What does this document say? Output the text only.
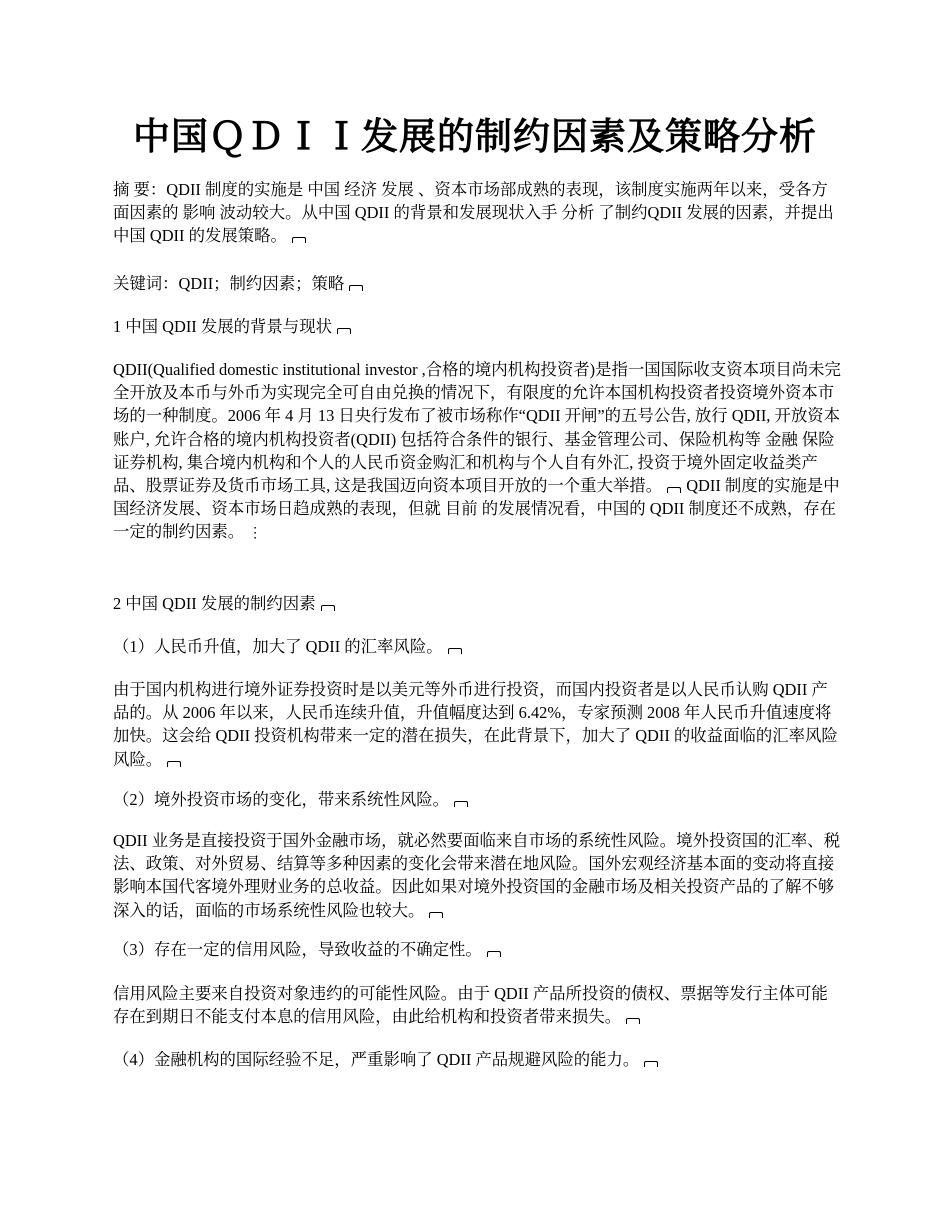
中国ＱＤＩＩ发展的制约因素及策略分析

摘 要：QDII 制度的实施是 中国 经济 发展 、资本市场部成熟的表现，该制度实施两年以来，受各方面因素的 影响 波动较大。从中国 QDII 的背景和发展现状入手 分析 了制约QDII 发展的因素，并提出中国 QDII 的发展策略。

关键词：QDII；制约因素；策略

1 中国 QDII 发展的背景与现状

QDII(Qualified domestic institutional investor ,合格的境内机构投资者)是指一国国际收支资本项目尚未完全开放及本币与外币为实现完全可自由兑换的情况下，有限度的允许本国机构投资者投资境外资本市场的一种制度。2006 年 4 月 13 日央行发布了被市场称作“QDII 开闸”的五号公告, 放行 QDII, 开放资本账户, 允许合格的境内机构投资者(QDII) 包括符合条件的银行、基金管理公司、保险机构等 金融 保险证券机构, 集合境内机构和个人的人民币资金购汇和机构与个人自有外汇, 投资于境外固定收益类产品、股票证券及货币市场工具, 这是我国迈向资本项目开放的一个重大举措。 QDII 制度的实施是中国经济发展、资本市场日趋成熟的表现，但就 目前 的发展情况看，中国的 QDII 制度还不成熟，存在一定的制约因素。 ⋮

2 中国 QDII 发展的制约因素

（1）人民币升值，加大了 QDII 的汇率风险。

由于国内机构进行境外证券投资时是以美元等外币进行投资，而国内投资者是以人民币认购 QDII 产品的。从 2006 年以来，人民币连续升值，升值幅度达到 6.42%，专家预测 2008 年人民币升值速度将加快。这会给 QDII 投资机构带来一定的潜在损失，在此背景下，加大了 QDII 的收益面临的汇率风险风险。

（2）境外投资市场的变化，带来系统性风险。

QDII 业务是直接投资于国外金融市场，就必然要面临来自市场的系统性风险。境外投资国的汇率、税法、政策、对外贸易、结算等多种因素的变化会带来潜在地风险。国外宏观经济基本面的变动将直接影响本国代客境外理财业务的总收益。因此如果对境外投资国的金融市场及相关投资产品的了解不够深入的话，面临的市场系统性风险也较大。

（3）存在一定的信用风险，导致收益的不确定性。

信用风险主要来自投资对象违约的可能性风险。由于 QDII 产品所投资的债权、票据等发行主体可能存在到期日不能支付本息的信用风险，由此给机构和投资者带来损失。

（4）金融机构的国际经验不足，严重影响了 QDII 产品规避风险的能力。
